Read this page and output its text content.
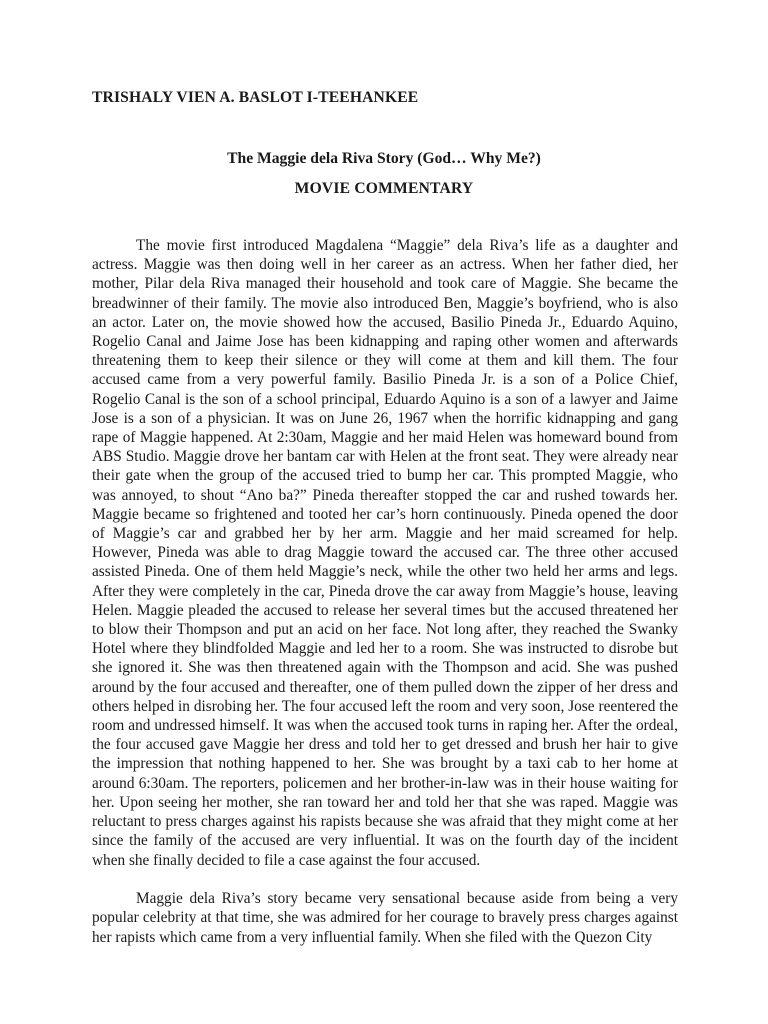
TRISHALY VIEN A. BASLOT I-TEEHANKEE
The Maggie dela Riva Story (God… Why Me?)
MOVIE COMMENTARY

The movie first introduced Magdalena “Maggie” dela Riva’s life as a daughter and actress. Maggie was then doing well in her career as an actress. When her father died, her mother, Pilar dela Riva managed their household and took care of Maggie. She became the breadwinner of their family. The movie also introduced Ben, Maggie’s boyfriend, who is also an actor. Later on, the movie showed how the accused, Basilio Pineda Jr., Eduardo Aquino, Rogelio Canal and Jaime Jose has been kidnapping and raping other women and afterwards threatening them to keep their silence or they will come at them and kill them. The four accused came from a very powerful family. Basilio Pineda Jr. is a son of a Police Chief, Rogelio Canal is the son of a school principal, Eduardo Aquino is a son of a lawyer and Jaime Jose is a son of a physician. It was on June 26, 1967 when the horrific kidnapping and gang rape of Maggie happened. At 2:30am, Maggie and her maid Helen was homeward bound from ABS Studio. Maggie drove her bantam car with Helen at the front seat. They were already near their gate when the group of the accused tried to bump her car. This prompted Maggie, who was annoyed, to shout “Ano ba?” Pineda thereafter stopped the car and rushed towards her. Maggie became so frightened and tooted her car’s horn continuously. Pineda opened the door of Maggie’s car and grabbed her by her arm. Maggie and her maid screamed for help. However, Pineda was able to drag Maggie toward the accused car. The three other accused assisted Pineda. One of them held Maggie’s neck, while the other two held her arms and legs. After they were completely in the car, Pineda drove the car away from Maggie’s house, leaving Helen. Maggie pleaded the accused to release her several times but the accused threatened her to blow their Thompson and put an acid on her face. Not long after, they reached the Swanky Hotel where they blindfolded Maggie and led her to a room. She was instructed to disrobe but she ignored it. She was then threatened again with the Thompson and acid. She was pushed around by the four accused and thereafter, one of them pulled down the zipper of her dress and others helped in disrobing her. The four accused left the room and very soon, Jose reentered the room and undressed himself. It was when the accused took turns in raping her. After the ordeal, the four accused gave Maggie her dress and told her to get dressed and brush her hair to give the impression that nothing happened to her. She was brought by a taxi cab to her home at around 6:30am. The reporters, policemen and her brother-in-law was in their house waiting for her. Upon seeing her mother, she ran toward her and told her that she was raped. Maggie was reluctant to press charges against his rapists because she was afraid that they might come at her since the family of the accused are very influential. It was on the fourth day of the incident when she finally decided to file a case against the four accused.

Maggie dela Riva’s story became very sensational because aside from being a very popular celebrity at that time, she was admired for her courage to bravely press charges against her rapists which came from a very influential family. When she filed with the Quezon City
